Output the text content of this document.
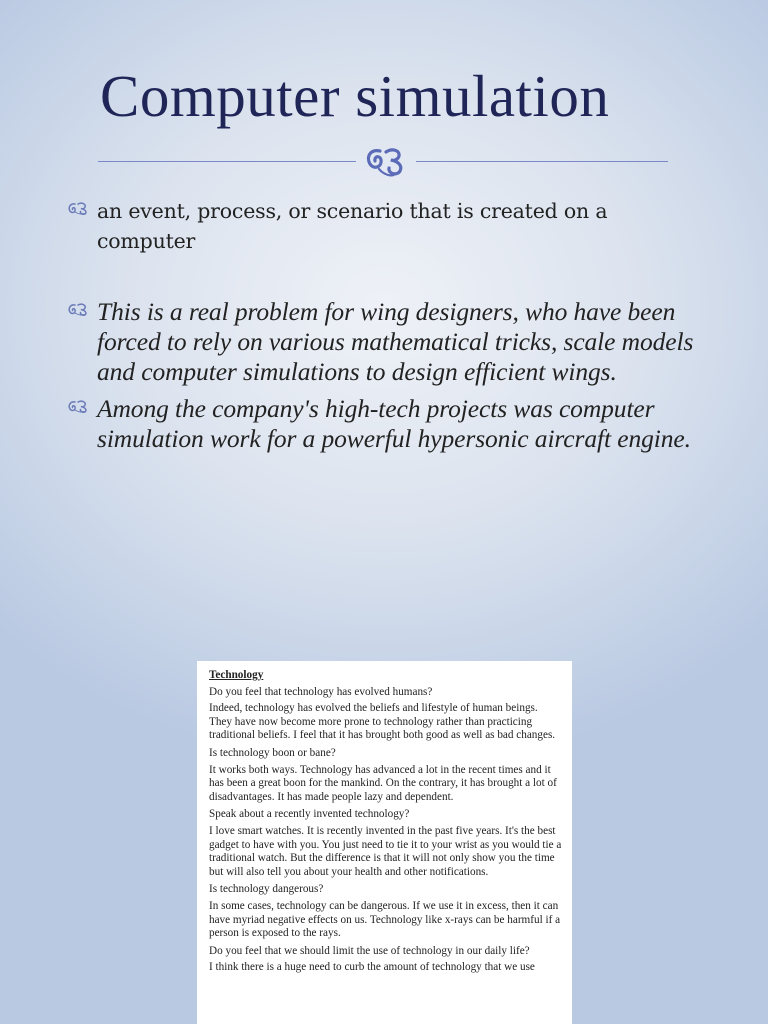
Computer simulation
an event, process, or scenario that is created on a computer
This is a real problem for wing designers, who have been forced to rely on various mathematical tricks, scale models and computer simulations to design efficient wings.
Among the company's high-tech projects was computer simulation work for a powerful hypersonic aircraft engine.

Technology

Do you feel that technology has evolved humans?

Indeed, technology has evolved the beliefs and lifestyle of human beings. They have now become more prone to technology rather than practicing traditional beliefs. I feel that it has brought both good as well as bad changes.

Is technology boon or bane?

It works both ways. Technology has advanced a lot in the recent times and it has been a great boon for the mankind. On the contrary, it has brought a lot of disadvantages. It has made people lazy and dependent.

Speak about a recently invented technology?

I love smart watches. It is recently invented in the past five years. It's the best gadget to have with you. You just need to tie it to your wrist as you would tie a traditional watch. But the difference is that it will not only show you the time but will also tell you about your health and other notifications.

Is technology dangerous?

In some cases, technology can be dangerous. If we use it in excess, then it can have myriad negative effects on us. Technology like x-rays can be harmful if a person is exposed to the rays.

Do you feel that we should limit the use of technology in our daily life?

I think there is a huge need to curb the amount of technology that we use
